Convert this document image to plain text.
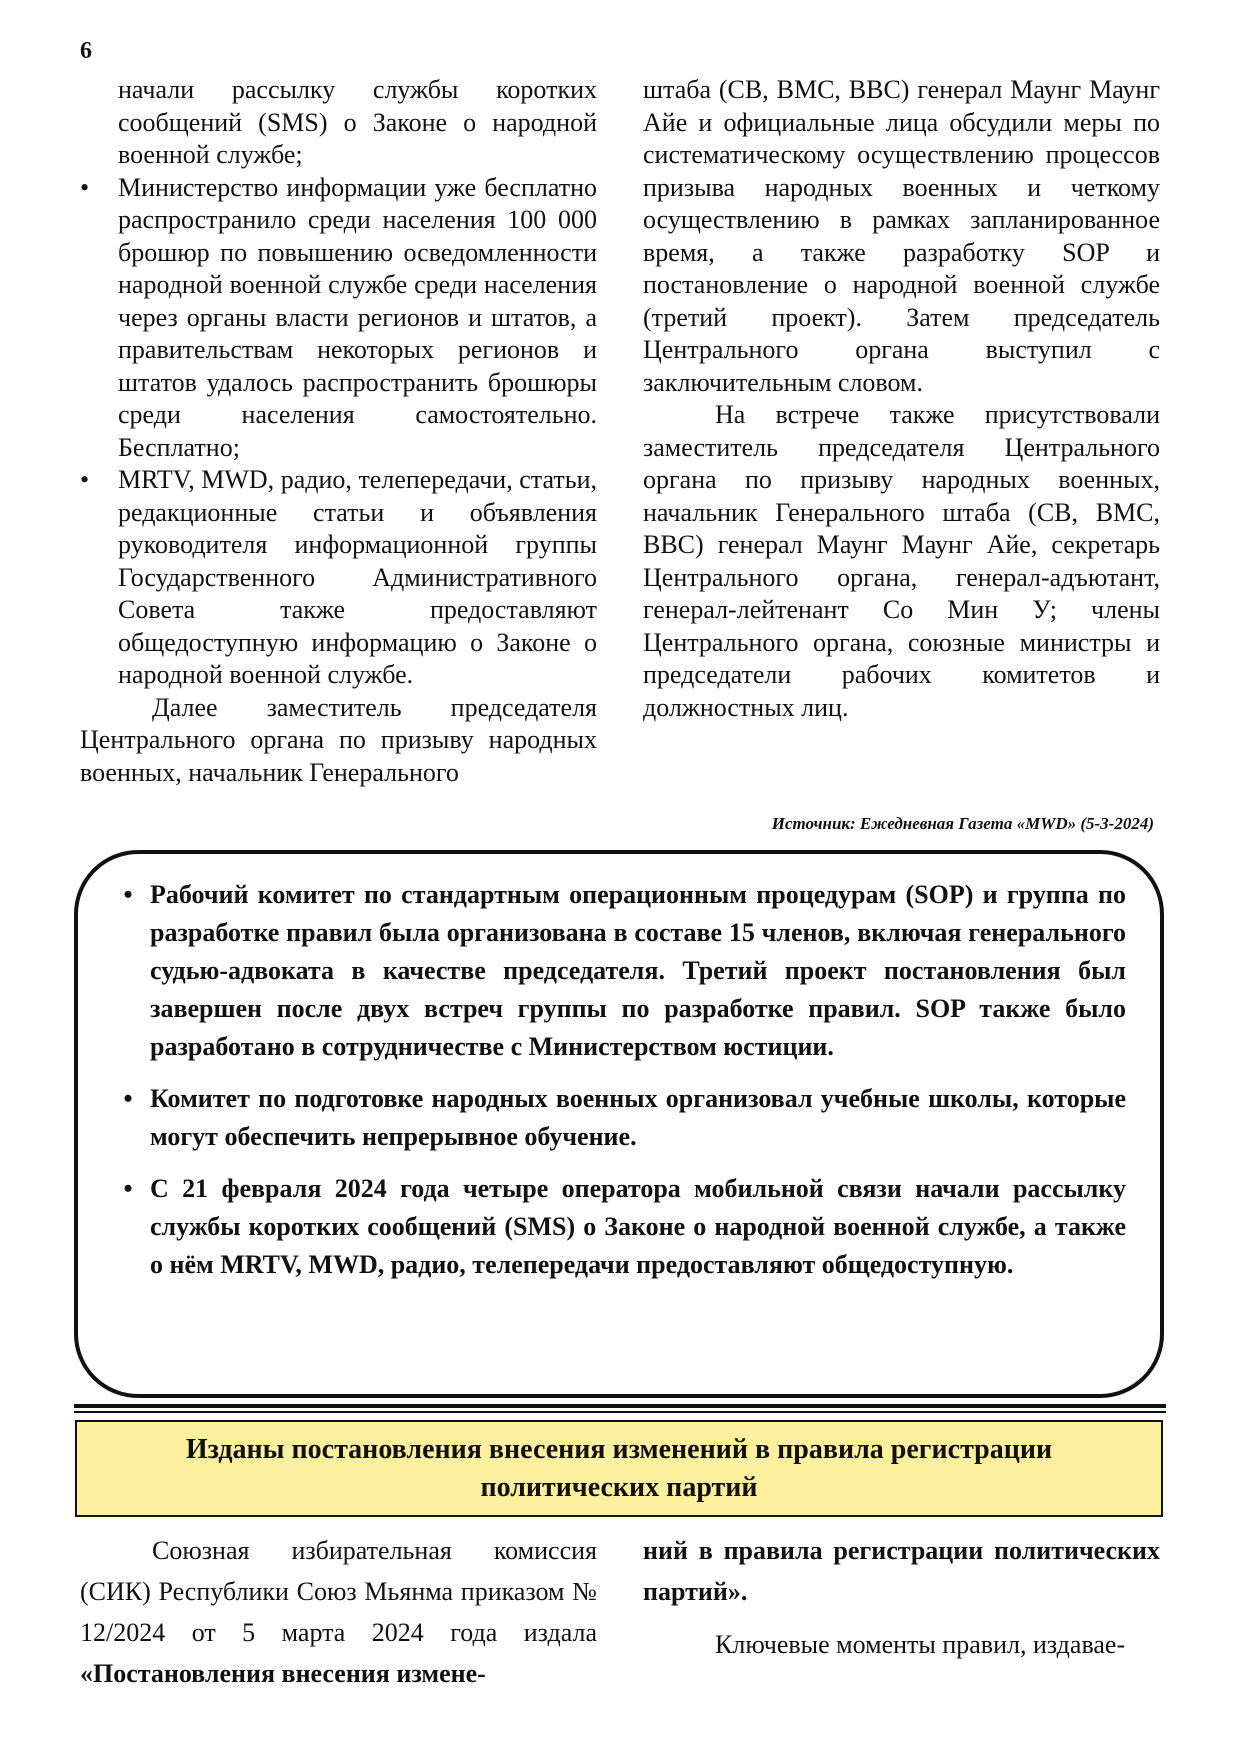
6

начали рассылку службы коротких сообщений (SMS) о Законе о народной военной службе;

•	Министерство информации уже бесплатно распространило среди населения 100 000 брошюр по повышению осведомленности народной военной службе среди населения через органы власти регионов и штатов, а правительствам некоторых регионов и штатов удалось распространить брошюры среди населения самостоятельно. Бесплатно;
•	MRTV, MWD, радио, телепередачи, статьи, редакционные статьи и объявления руководителя информационной группы Государственного Административного Совета также предоставляют общедоступную информацию о Законе о народной военной службе.

Далее заместитель председателя Центрального органа по призыву народных военных, начальник Генерального

штаба (СВ, ВМС, ВВС) генерал Маунг Маунг Айе и официальные лица обсудили меры по систематическому осуществлению процессов призыва народных военных и четкому осуществлению в рамках запланированное время, а также разработку SOP и постановление о народной военной службе (третий проект). Затем председатель Центрального органа выступил с заключительным словом.

На встрече также присутствовали заместитель председателя Центрального органа по призыву народных военных, начальник Генерального штаба (СВ, ВМС, ВВС) генерал Маунг Маунг Айе, секретарь Центрального органа, генерал-адъютант, генерал-лейтенант Со Мин У; члены Центрального органа, союзные министры и председатели рабочих комитетов и должностных лиц.

Источник: Ежедневная Газета «MWD» (5-3-2024)
• Рабочий комитет по стандартным операционным процедурам (SOP) и группа по разработке правил была организована в составе 15 членов, включая генерального судью-адвоката в качестве председателя. Третий проект постановления был завершен после двух встреч группы по разработке правил. SOP также было разработано в сотрудничестве с Министерством юстиции.
• Комитет по подготовке народных военных организовал учебные школы, которые могут обеспечить непрерывное обучение.
• С 21 февраля 2024 года четыре оператора мобильной связи начали рассылку службы коротких сообщений (SMS) о Законе о народной военной службе, а также о нём MRTV, MWD, радио, телепередачи предоставляют общедоступную.
Изданы постановления внесения изменений в правила регистрации
политических партий

Союзная избирательная комиссия (СИК) Республики Союз Мьянма приказом № 12/2024 от 5 марта 2024 года издала «Постановления внесения измене-

ний в правила регистрации политических партий».

Ключевые моменты правил, издавае-
